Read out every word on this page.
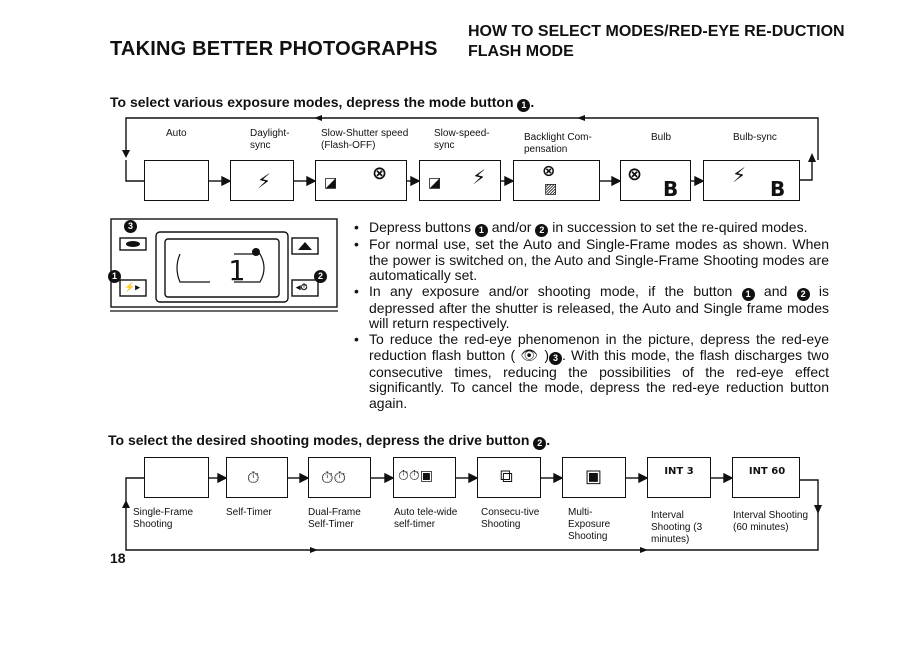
TAKING BETTER PHOTOGRAPHS
HOW TO SELECT MODES/RED-EYE RE-DUCTION FLASH MODE
To select various exposure modes, depress the mode button 1 .
Auto	Daylight-sync
Slow-Shutter speed (Flash-OFF)
Slow-speed-sync
Backlight Com-pensation
Bulb	Bulb-sync
⚡	◪ ⊗	◪ ⚡	⊗
▨
⊗
B
⚡
B
3
1	2
1
⚡▸	◂⏱
• Depress buttons 1 and/or 2 in succession to set the re-quired modes.
• For normal use, set the Auto and Single-Frame modes as shown. When the power is switched on, the Auto and Single-Frame Shooting modes are automatically set.
• In any exposure and/or shooting mode, if the button 1 and 2 is depressed after the shutter is released, the Auto and Single frame modes will return respectively.
• To reduce the red-eye phenomenon in the picture, depress the red-eye reduction flash button ( 👁 ) 3 . With this mode, the flash discharges two consecutive times, reducing the possibilities of the red-eye effect significantly. To cancel the mode, depress the red-eye reduction button again.
To select the desired shooting modes, depress the drive button 2 .
⏱	⏱⏱	⏱⏱▣	⧉	▣	INT 3	INT 60
Single-Frame Shooting
Self-Timer	Dual-Frame Self-Timer
Auto tele-wide self-timer
Consecu-tive Shooting
Multi-Exposure Shooting
Interval Shooting (3 minutes)
Interval Shooting (60 minutes)
18
